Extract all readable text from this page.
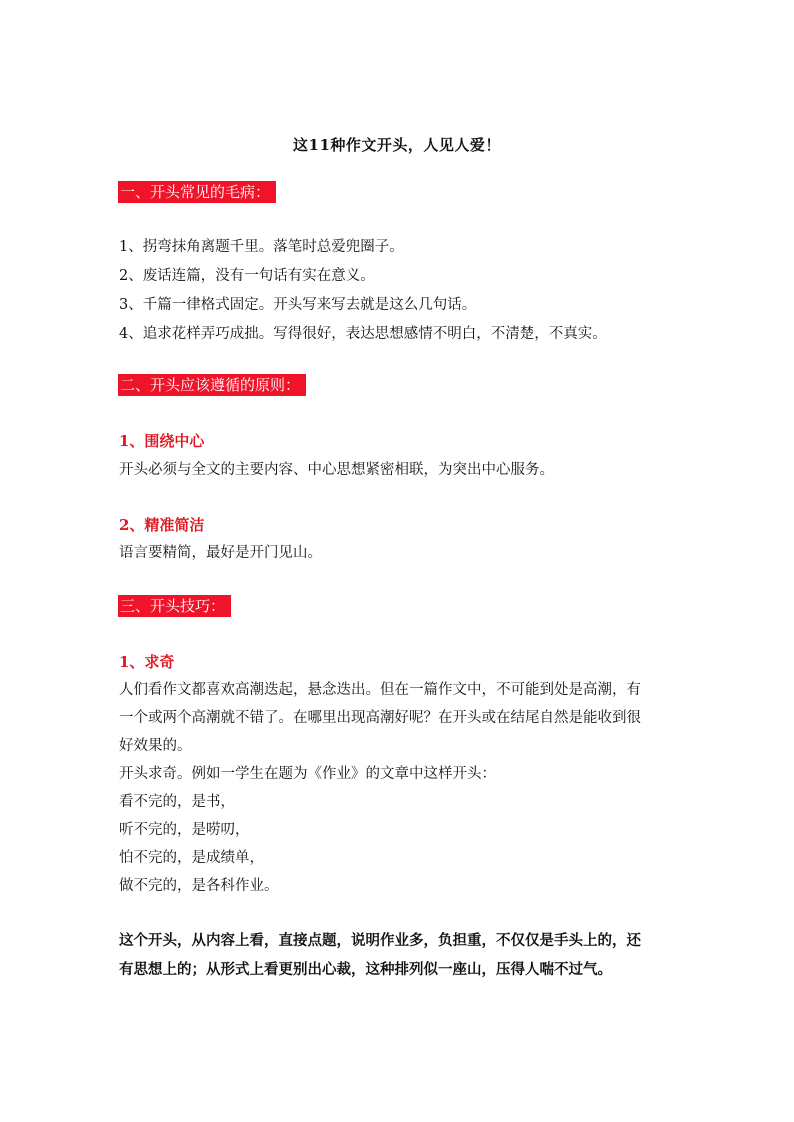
这11种作文开头，人见人爱！
一、开头常见的毛病：
1、拐弯抹角离题千里。落笔时总爱兜圈子。
2、废话连篇，没有一句话有实在意义。
3、千篇一律格式固定。开头写来写去就是这么几句话。
4、追求花样弄巧成拙。写得很好，表达思想感情不明白，不清楚，不真实。
二、开头应该遵循的原则：
1、围绕中心
开头必须与全文的主要内容、中心思想紧密相联，为突出中心服务。
2、精准简洁
语言要精简，最好是开门见山。
三、开头技巧：
1、求奇
人们看作文都喜欢高潮迭起，悬念迭出。但在一篇作文中，不可能到处是高潮，有
一个或两个高潮就不错了。在哪里出现高潮好呢？在开头或在结尾自然是能收到很
好效果的。
开头求奇。例如一学生在题为《作业》的文章中这样开头：
看不完的，是书，
听不完的，是唠叨，
怕不完的，是成绩单，
做不完的，是各科作业。
这个开头，从内容上看，直接点题，说明作业多，负担重，不仅仅是手头上的，还
有思想上的；从形式上看更别出心裁，这种排列似一座山，压得人喘不过气。
